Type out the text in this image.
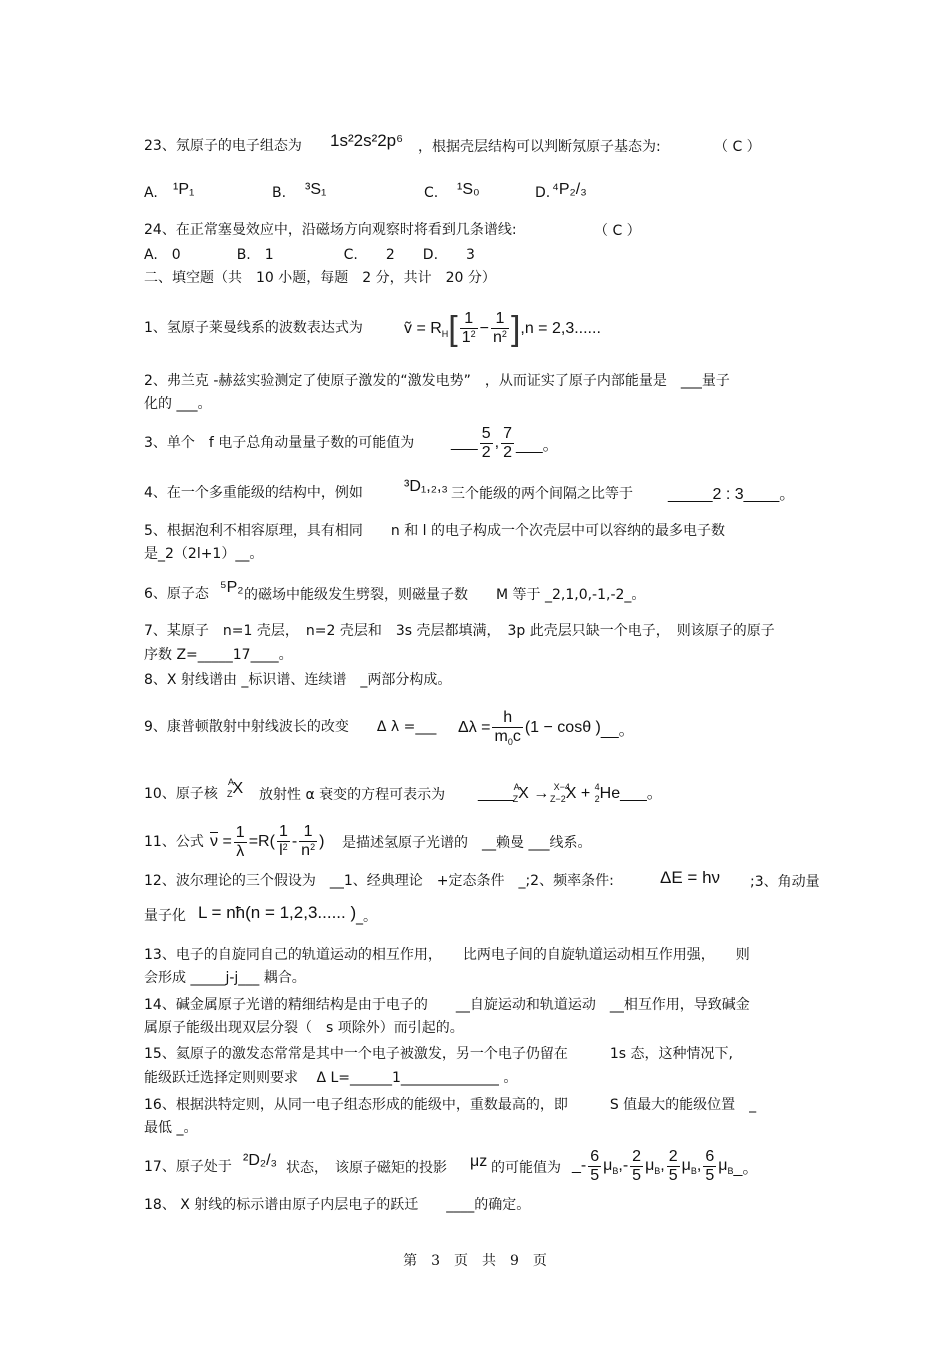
23、氖原子的电子组态为 1s²2s²2p⁶ ，根据壳层结构可以判断氖原子基态为:	（ C ）
A. ¹P₁	B. ³S₁	C. ¹S₀	D. ⁴P₂/₃
24、在正常塞曼效应中，沿磁场方向观察时将看到几条谱线:	（ C ）
A.　0　　　　B.　1　　　　　C.　　2　　D.　　3
二、填空题（共　10 小题，每题　2 分，共计　20 分）
1、氢原子莱曼线系的波数表达式为	ṽ = $R_H$ [ $\frac{1}{1^2} - \frac{1}{n^2}$ ] ,n = 2,3......
2、弗兰克 -赫兹实验测定了使原子激发的“激发电势”　，从而证实了原子内部能量是　___量子
化的 ___。
3、单个　f 电子总角动量量子数的可能值为 ___ $\frac{5}{2}$ , $\frac{7}{2}$ ___。
4、在一个多重能级的结构中，例如	³D₁,₂,₃ 三个能级的两个间隔之比等于 _____2 : 3____。
5、根据泡利不相容原理，具有相同　　n 和 l 的电子构成一个次壳层中可以容纳的最多电子数
是_2（2l+1）__。
6、原子态 ⁵P₂ 的磁场中能级发生劈裂，则磁量子数　　M 等于 _2,1,0,-1,-2_。
7、某原子　n=1 壳层，　n=2 壳层和　3s 壳层都填满，　3p 此壳层只缺一个电子，　则该原子的原子
序数 Z=_____17____。
8、X 射线谱由 _标识谱、连续谱　_两部分构成。
9、康普顿散射中射线波长的改变　　Δ λ =___ $\Delta\lambda = \frac{h}{m_0c} (1 - \cos\theta$ ) __。
10、原子核
$^A_Z$X 放射性 α 衰变的方程可表示为 ____$^A_Z$X → $^{X-4}_{Z-2}$X + $^4_2$He___。
11、公式 $\overline{\nu} = \frac{1}{\lambda} =R( \frac{1}{l^2} - \frac{1}{n^2}$ ) 是描述氢原子光谱的　__赖曼 ___线系。
12、波尔理论的三个假设为　__1、经典理论　+定态条件　_;2、频率条件:	ΔE = hν ;3、角动量
量子化 L = nħ(n = 1,2,3...... ) _。
13、电子的自旋同自己的轨道运动的相互作用，　　比两电子间的自旋轨道运动相互作用强，　　则
会形成 _____j-j___ 耦合。
14、碱金属原子光谱的精细结构是由于电子的　　__自旋运动和轨道运动　__相互作用，导致碱金
属原子能级出现双层分裂（　s 项除外）而引起的。
15、氦原子的激发态常常是其中一个电子被激发，另一个电子仍留在　　　1s 态，这种情况下,
能级跃迁选择定则则要求　 Δ L=______1______________ 。
16、根据洪特定则，从同一电子组态形成的能级中，重数最高的，即　　　S 值最大的能级位置　_
最低 _。
17、原子处于 ²D₂/₃ 状态，　该原子磁矩的投影 μz 的可能值为 _- $\frac{6}{5} \mu_B,- \frac{2}{5} \mu_B$, $\frac{2}{5} \mu_B$, $\frac{6}{5} \mu_B$ _。
18、 X 射线的标示谱由原子内层电子的跃迁　　____的确定。
第　3　页　共　9　页
